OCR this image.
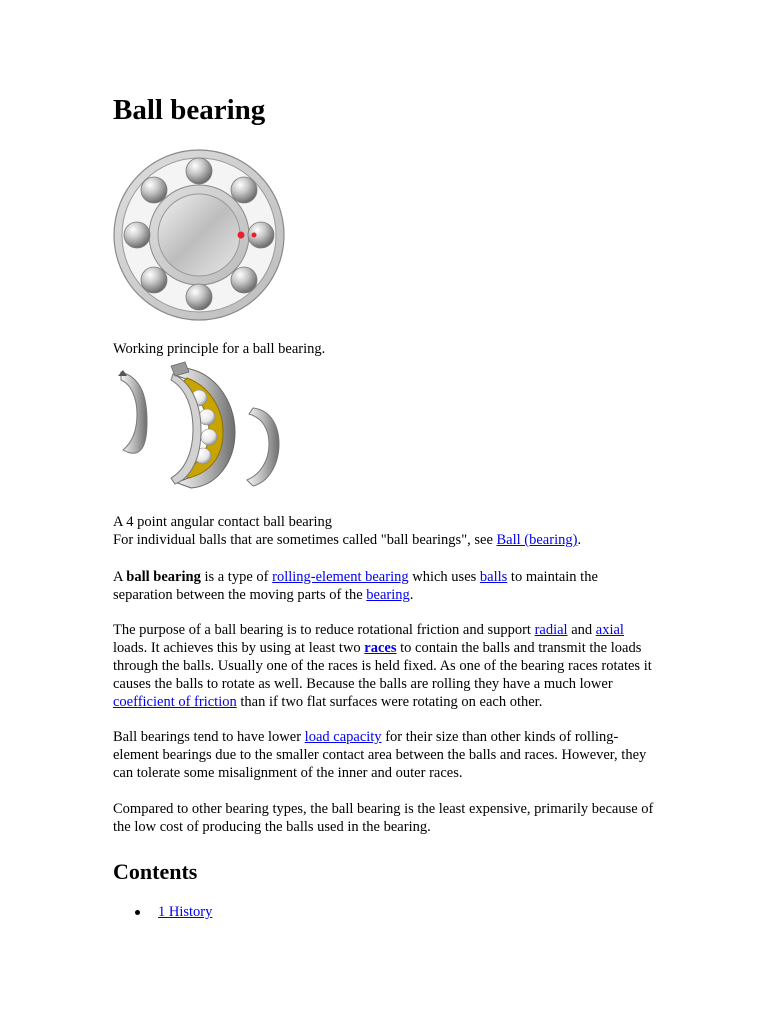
Ball bearing

Working principle for a ball bearing.

A 4 point angular contact ball bearing

For individual balls that are sometimes called "ball bearings", see Ball (bearing).

A ball bearing is a type of rolling-element bearing which uses balls to maintain the separation between the moving parts of the bearing.

The purpose of a ball bearing is to reduce rotational friction and support radial and axial loads. It achieves this by using at least two races to contain the balls and transmit the loads through the balls. Usually one of the races is held fixed. As one of the bearing races rotates it causes the balls to rotate as well. Because the balls are rolling they have a much lower coefficient of friction than if two flat surfaces were rotating on each other.

Ball bearings tend to have lower load capacity for their size than other kinds of rolling-element bearings due to the smaller contact area between the balls and races. However, they can tolerate some misalignment of the inner and outer races.

Compared to other bearing types, the ball bearing is the least expensive, primarily because of the low cost of producing the balls used in the bearing.

Contents
1 History
